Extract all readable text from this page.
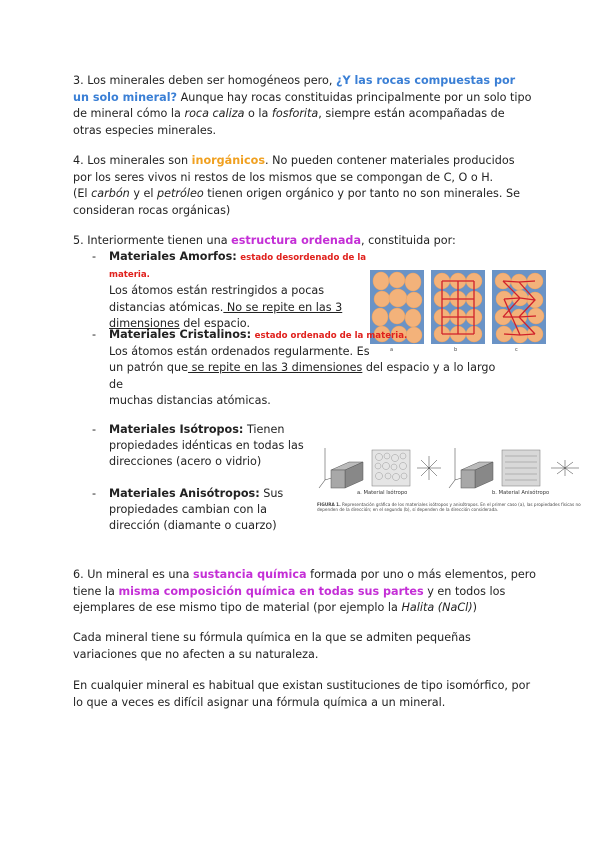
3. Los minerales deben ser homogéneos pero, ¿Y las rocas compuestas por un solo mineral? Aunque hay rocas constituidas principalmente por un solo tipo de mineral cómo la roca caliza o la fosforita, siempre están acompañadas de otras especies minerales.

4. Los minerales son inorgánicos. No pueden contener materiales producidos por los seres vivos ni restos de los mismos que se compongan de C, O o H.
(El carbón y el petróleo tienen origen orgánico y por tanto no son minerales. Se consideran rocas orgánicas)

5. Interiormente tienen una estructura ordenada, constituida por:

- Materiales Amorfos: estado desordenado de la materia.
Los átomos están restringidos a pocas
distancias atómicas. No se repite en las 3
dimensiones del espacio.
a	b	c
- Materiales Cristalinos: estado ordenado de la materia.
Los átomos están ordenados regularmente. Es
un patrón que se repite en las 3 dimensiones del espacio y a lo largo de
muchas distancias atómicas.
- Materiales Isótropos: Tienen propiedades idénticas en todas las direcciones (acero o vidrio)
- Materiales Anisótropos: Sus propiedades cambian con la dirección (diamante o cuarzo)
a. Material Isótropo	b. Material Anisótropo
FIGURA 1. Representación gráfica de los materiales isótropos y anisótropos. En el primer caso (a), las propiedades físicas no dependen de la dirección; en el segundo (b), sí dependen de la dirección considerada.

6. Un mineral es una sustancia química formada por uno o más elementos, pero tiene la misma composición química en todas sus partes y en todos los ejemplares de ese mismo tipo de material (por ejemplo la Halita (NaCl))

Cada mineral tiene su fórmula química en la que se admiten pequeñas variaciones que no afecten a su naturaleza.

En cualquier mineral es habitual que existan sustituciones de tipo isomórfico, por lo que a veces es difícil asignar una fórmula química a un mineral.
